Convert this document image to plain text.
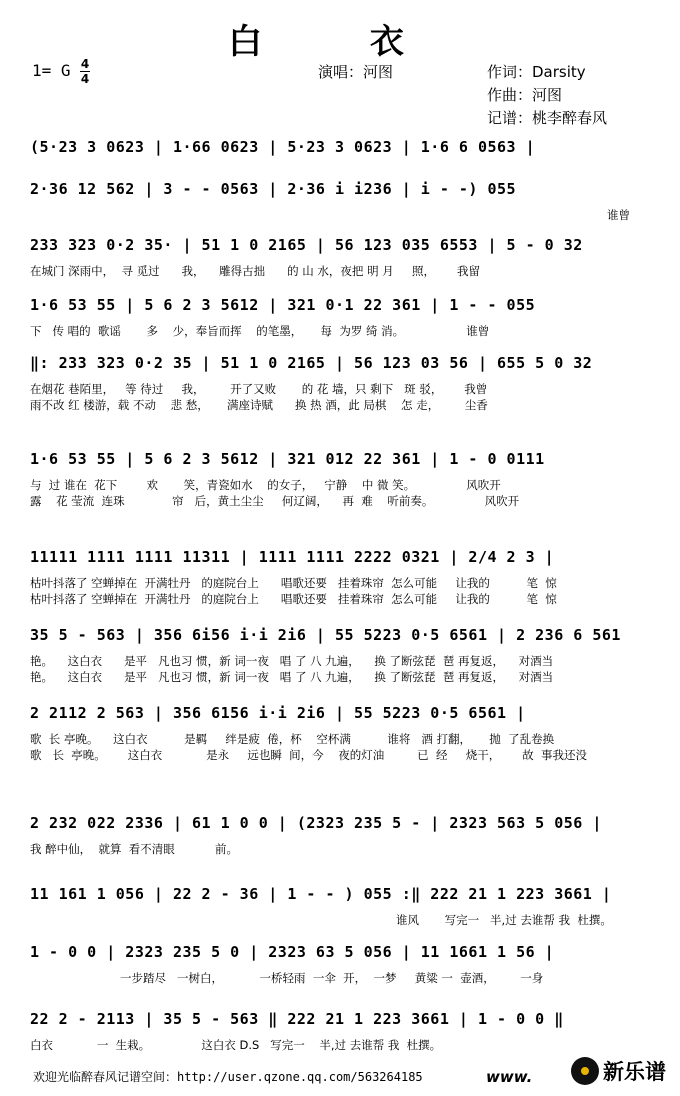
白 衣
1= G 4
4	演唱：河图	作词：Darsity
作曲：河图
记谱：桃李醉春风
(5·23 3 0623 | 1·66 0623 | 5·23 3 0623 | 1·6 6 0563 |
2·36 12 562 | 3 - - 0563 | 2·36 i i236 | i - -) 055
谁曾
233 323 0·2 35· | 51 1 0 2165 | 56 123 035 6553 | 5 - 0 32
在城门 深雨中，  寻 觅过      我，    雕得古拙      的 山 水，夜把 明 月     照，      我留
1·6 53 55 | 5 6 2 3 5612 | 321 0·1 22 361 | 1 - - 055
下   传 唱的  歌谣       多    少，奉旨而挥    的笔墨，     每  为罗 绮 消。                 谁曾
‖: 233 323 0·2 35 | 51 1 0 2165 | 56 123 03 56 | 655 5 0 32
在烟花 巷陌里，   等 待过     我，       开了又败       的 花 墙，只 剩下   斑 驳，      我曾
雨不改 红 楼游，载 不动    悲 愁，     满座诗赋      换 热 酒，此 局棋    怎 走，       尘香
1·6 53 55 | 5 6 2 3 5612 | 321 012 22 361 | 1 - 0 0111
与  过 谁在  花下        欢       笑，青瓷如水    的女子，   宁静    中 微 笑。              风吹开
露    花 莹流  连珠             帘   后，黄土尘尘     何辽阔，    再  难    听前奏。              风吹开
11111 1111 1111 11311 | 1111 1111 2222 0321 | 2/4 2 3 |
枯叶抖落了 空蝉掉在  开满牡丹   的庭院台上      唱歌还要   挂着珠帘  怎么可能     让我的          笔  惊
枯叶抖落了 空蝉掉在  开满牡丹   的庭院台上      唱歌还要   挂着珠帘  怎么可能     让我的          笔  惊
35 5 - 563 | 356 6i56 i·i 2i6 | 55 5223 0·5 6561 | 2 236 6 561
艳。    这白衣      是平   凡也习 惯，新 词一夜   唱 了 八 九遍，    换 了断弦琵  琶 再复返，    对酒当
艳。    这白衣      是平   凡也习 惯，新 词一夜   唱 了 八 九遍，    换 了断弦琵  琶 再复返，    对酒当
2 2112 2 563 | 356 6156 i·i 2i6 | 55 5223 0·5 6561 |
歌  长 亭晚。    这白衣          是羁     绊是疲  倦，杯    空杯满          谁将   酒 打翻，     抛  了乱卷换
歌   长  亭晚。      这白衣            是永     远也瞬  间，今    夜的灯油         已  经     烧干，      故  事我还没
2 232 022 2336 | 61 1 0 0 | (2323 235 5 - | 2323 563 5 056 |
我 醉中仙，  就算  看不清眼           前。
11 161 1 056 | 22 2 - 36 | 1 - - ) 055 :‖ 222 21 1 223 3661 |
谁风       写完一   半,过 去谁帮 我  杜撰。
1 - 0 0 | 2323 235 5 0 | 2323 63 5 056 | 11 1661 1 56 |
一步踏尽   一树白，          一桥轻雨  一伞  开，  一梦     黄粱 一  壶酒，       一身
22 2 - 2113 | 35 5 - 563 ‖ 222 21 1 223 3661 | 1 - 0 0 ‖
白衣            一  生栽。              这白衣 D.S   写完一    半,过 去谁帮 我  杜撰。
欢迎光临醉春风记谱空间：http://user.qzone.qq.com/563264185	www.	新乐谱
